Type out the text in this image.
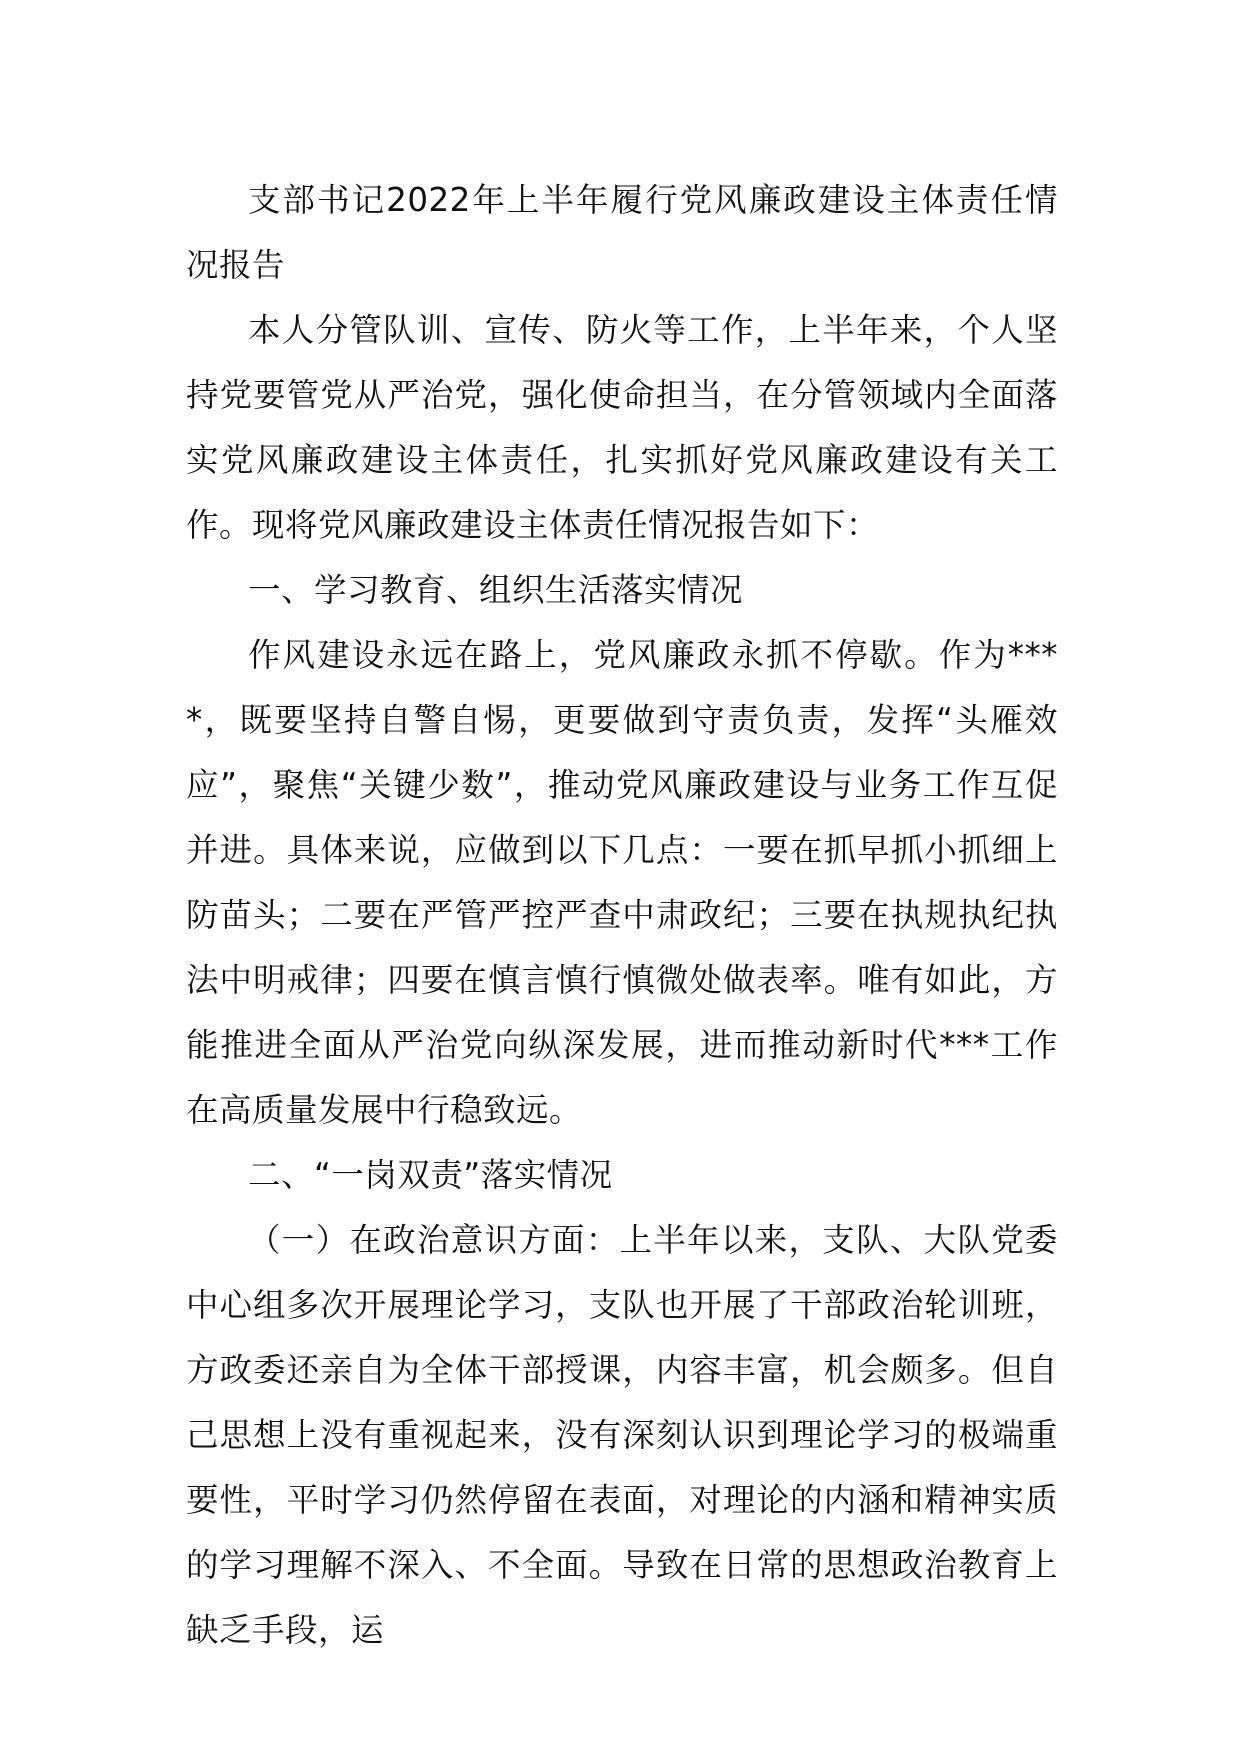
支部书记2022年上半年履行党风廉政建设主体责任情况报告

本人分管队训、宣传、防火等工作，上半年来，个人坚持党要管党从严治党，强化使命担当，在分管领域内全面落实党风廉政建设主体责任，扎实抓好党风廉政建设有关工作。现将党风廉政建设主体责任情况报告如下：

一、学习教育、组织生活落实情况

作风建设永远在路上，党风廉政永抓不停歇。作为****，既要坚持自警自惕，更要做到守责负责，发挥“头雁效应”，聚焦“关键少数”，推动党风廉政建设与业务工作互促并进。具体来说，应做到以下几点：一要在抓早抓小抓细上防苗头；二要在严管严控严查中肃政纪；三要在执规执纪执法中明戒律；四要在慎言慎行慎微处做表率。唯有如此，方能推进全面从严治党向纵深发展，进而推动新时代***工作在高质量发展中行稳致远。

二、“一岗双责”落实情况

（一）在政治意识方面：上半年以来，支队、大队党委中心组多次开展理论学习，支队也开展了干部政治轮训班，方政委还亲自为全体干部授课，内容丰富，机会颇多。但自己思想上没有重视起来，没有深刻认识到理论学习的极端重要性，平时学习仍然停留在表面，对理论的内涵和精神实质的学习理解不深入、不全面。导致在日常的思想政治教育上缺乏手段，运
